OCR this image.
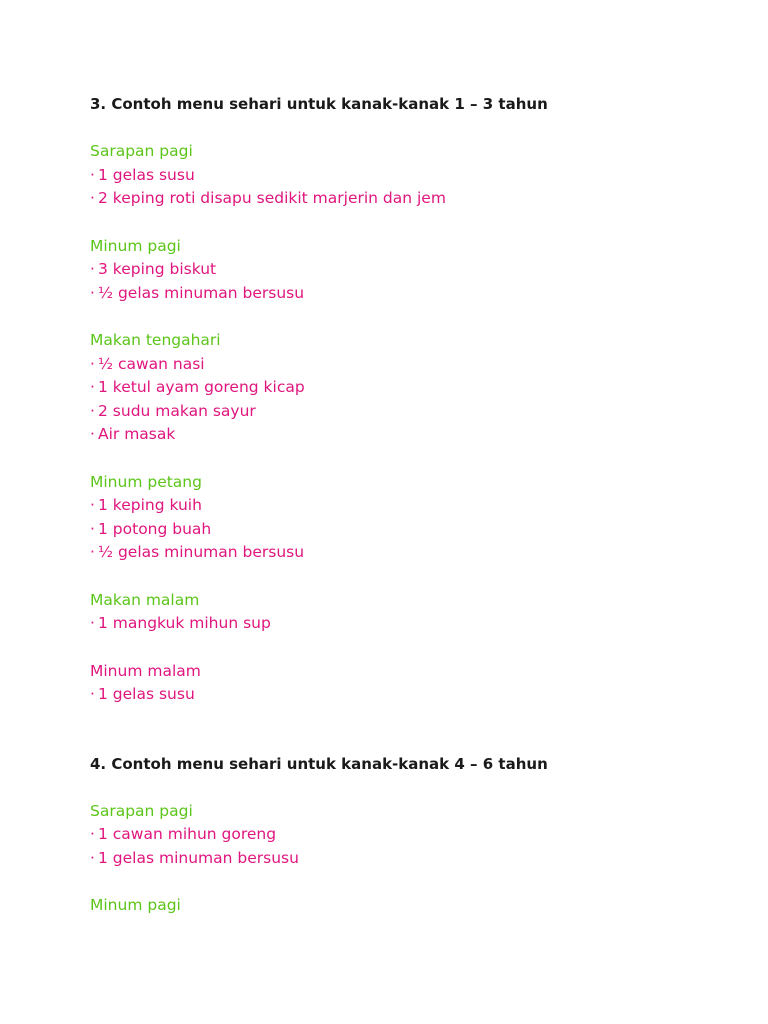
3. Contoh menu sehari untuk kanak-kanak 1 – 3 tahun
Sarapan pagi
· 1 gelas susu
· 2 keping roti disapu sedikit marjerin dan jem
Minum pagi
· 3 keping biskut
· ½ gelas minuman bersusu
Makan tengahari
· ½ cawan nasi
· 1 ketul ayam goreng kicap
· 2 sudu makan sayur
· Air masak
Minum petang
· 1 keping kuih
· 1 potong buah
· ½ gelas minuman bersusu
Makan malam
· 1 mangkuk mihun sup
Minum malam
· 1 gelas susu
4. Contoh menu sehari untuk kanak-kanak 4 – 6 tahun
Sarapan pagi
· 1 cawan mihun goreng
· 1 gelas minuman bersusu
Minum pagi
